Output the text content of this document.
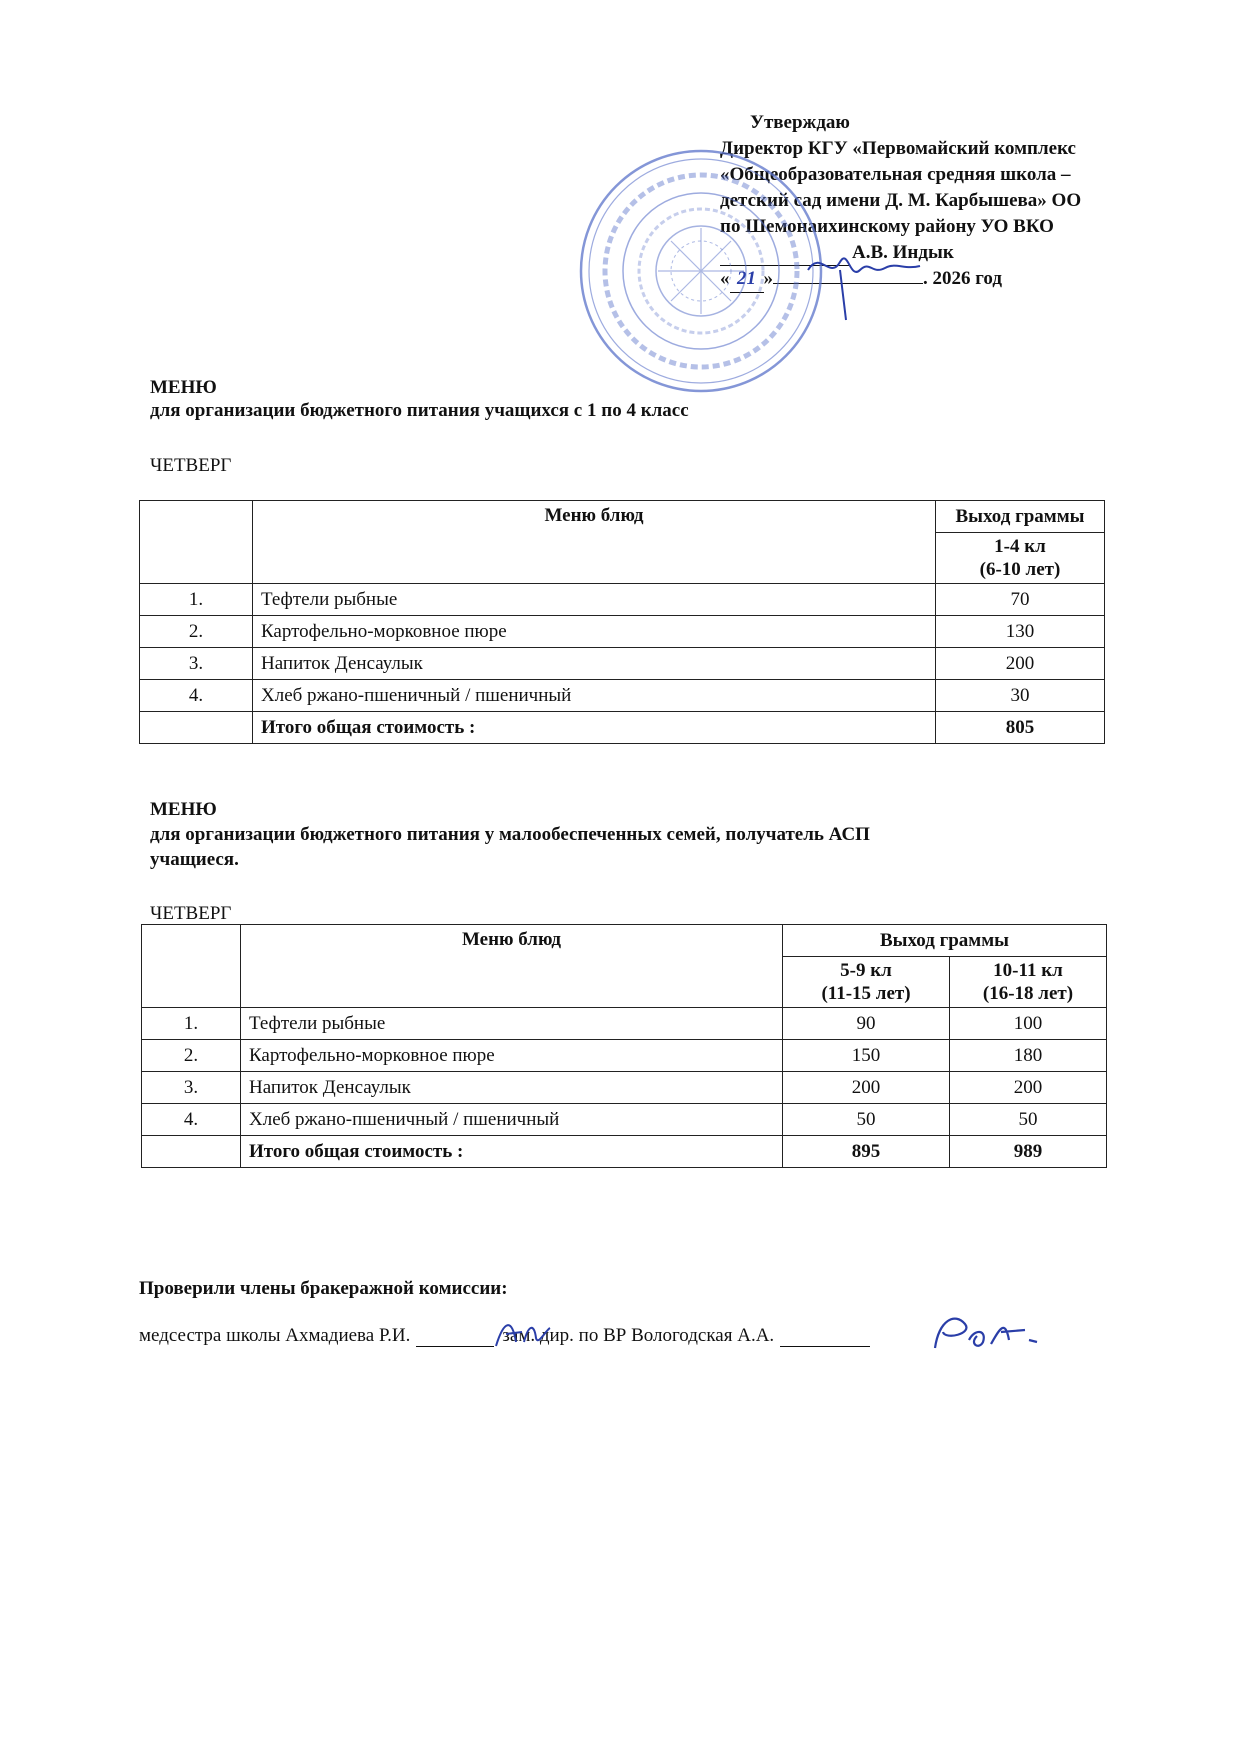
Утверждаю
Директор КГУ «Первомайский комплекс
«Общеобразовательная средняя школа –
детский сад имени Д. М. Карбышева» ОО
по Шемонаихинскому району УО ВКО
А.В. Индык
« 21 »	. 2026 год
МЕНЮ
для организации бюджетного питания учащихся с 1 по 4 класс
ЧЕТВЕРГ
	Меню блюд	Выход граммы
		1-4 кл
(6-10 лет)
1.	Тефтели рыбные	70
2.	Картофельно-морковное пюре	130
3.	Напиток Денсаулык	200
4.	Хлеб ржано-пшеничный / пшеничный	30
	Итого общая стоимость :	805
МЕНЮ
для организации бюджетного питания у малообеспеченных семей, получатель АСП
учащиеся.
ЧЕТВЕРГ
	Меню блюд	Выход граммы	
		5-9 кл
(11-15 лет)	10-11 кл
(16-18 лет)
1.	Тефтели рыбные	90	100
2.	Картофельно-морковное пюре	150	180
3.	Напиток Денсаулык	200	200
4.	Хлеб ржано-пшеничный / пшеничный	50	50
	Итого общая стоимость :	895	989
Проверили члены бракеражной комиссии:
медсестра школы Ахмадиева Р.И.	зам. дир. по ВР Вологодская А.А.
